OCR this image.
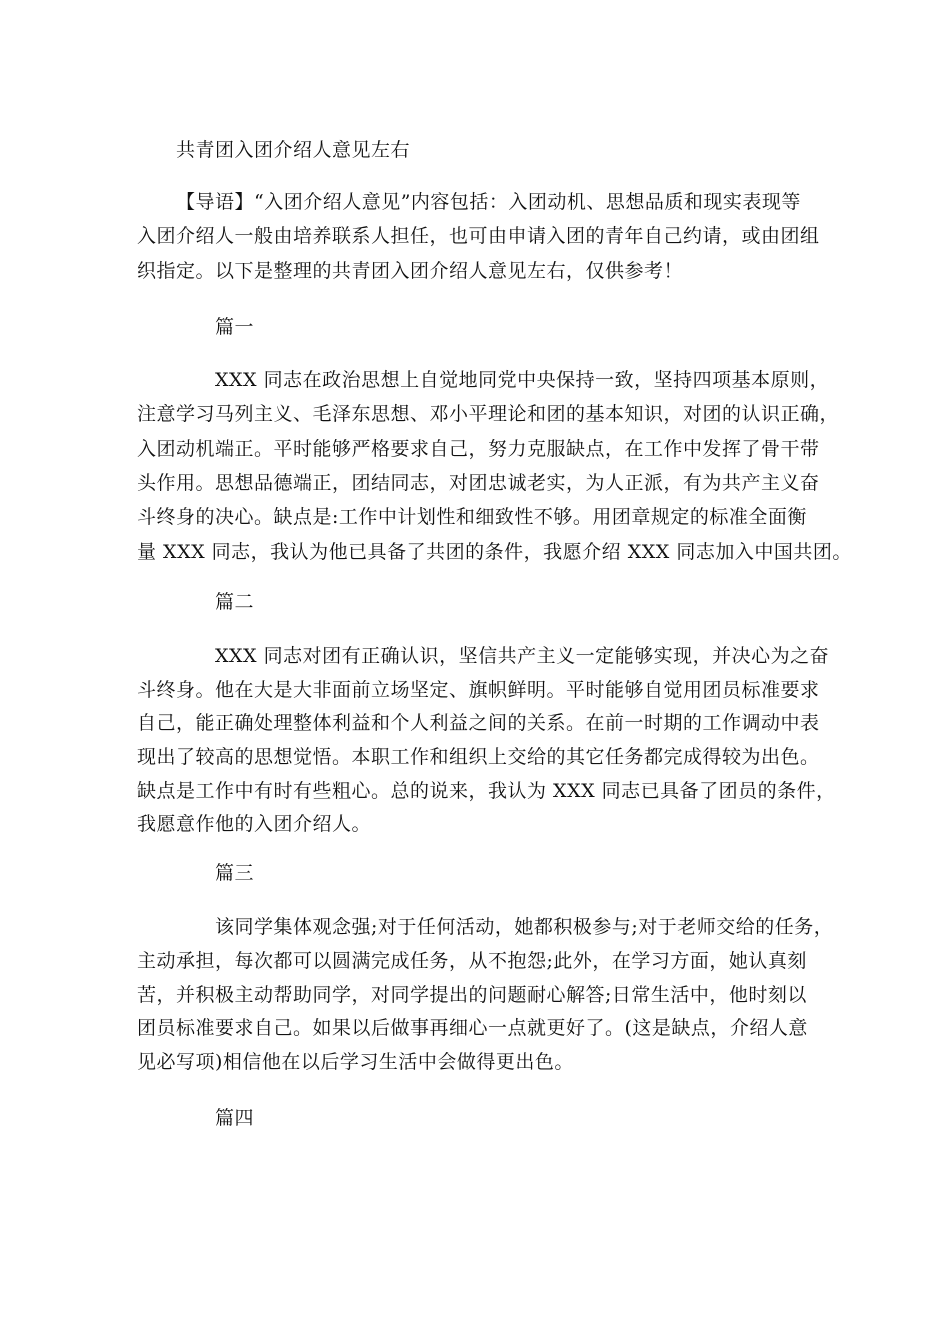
共青团入团介绍人意见左右
【导语】“入团介绍人意见”内容包括：入团动机、思想品质和现实表现等
入团介绍人一般由培养联系人担任，也可由申请入团的青年自己约请，或由团组
织指定。以下是整理的共青团入团介绍人意见左右，仅供参考！
篇一
XXX 同志在政治思想上自觉地同党中央保持一致，坚持四项基本原则，
注意学习马列主义、毛泽东思想、邓小平理论和团的基本知识，对团的认识正确，
入团动机端正。平时能够严格要求自己，努力克服缺点，在工作中发挥了骨干带
头作用。思想品德端正，团结同志，对团忠诚老实，为人正派，有为共产主义奋
斗终身的决心。缺点是:工作中计划性和细致性不够。用团章规定的标准全面衡
量 XXX 同志，我认为他已具备了共团的条件，我愿介绍 XXX 同志加入中国共团。
篇二
XXX 同志对团有正确认识，坚信共产主义一定能够实现，并决心为之奋
斗终身。他在大是大非面前立场坚定、旗帜鲜明。平时能够自觉用团员标准要求
自己，能正确处理整体利益和个人利益之间的关系。在前一时期的工作调动中表
现出了较高的思想觉悟。本职工作和组织上交给的其它任务都完成得较为出色。
缺点是工作中有时有些粗心。总的说来，我认为 XXX 同志已具备了团员的条件，
我愿意作他的入团介绍人。
篇三
该同学集体观念强;对于任何活动，她都积极参与;对于老师交给的任务，
主动承担，每次都可以圆满完成任务，从不抱怨;此外，在学习方面，她认真刻
苦，并积极主动帮助同学，对同学提出的问题耐心解答;日常生活中，他时刻以
团员标准要求自己。如果以后做事再细心一点就更好了。(这是缺点，介绍人意
见必写项)相信他在以后学习生活中会做得更出色。
篇四
